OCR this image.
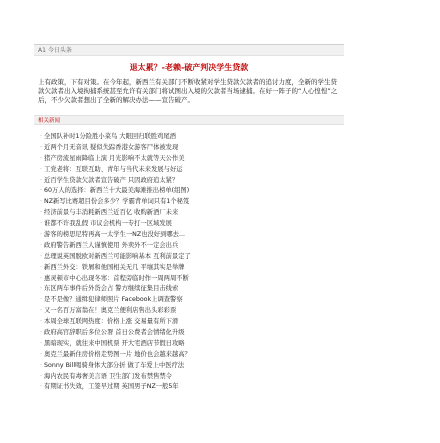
A1 今日头条
退太累？-老赖-破产判决学生贷款
上有政策，下有对策。在今年起，新西兰有关部门不断收紧对学生贷款欠款者的追讨力度，全新的学生贷款欠款者出入境拘捕系统甚至允许有关部门将试图出入境的欠款者当场逮捕。在好一阵子的“人心惶惶”之后，不少欠款者想出了全新的解决办法——宣告破产。
相关新闻
· 全国队补时1分险胜小菜鸟 大眼回归联胜鸡尾酒
· 近两个月无音讯 疑似失踪香港女游客尸体被发现
· 猪产房流星雨降临上演 月光影响不太就等天公作美
· 工党老将：互联互助、青年与当代未来发展与好运
· 近百学生贷款欠款者宣告破产 只因政府追太紧？
· 60万人的选择：新西兰十大最美海滩推出榜单(组图)
· NZ新写比赛超目份会多少？学霸背单词只有1个秘笈
· 经济前景与丰消耗新西兰近百亿 收购新酒厂未来
· 谁都不许我乱假 市议会机构一专打一区域发展
· 游客的榜思尼特再高一太学生一NZ也没好到哪去...
· 政府警告新西兰人谨慎使用 外卖外不一定会出兵
· 总理说英国脱欧对新西兰可能影响基本 互利前景定了
· 新西兰外交：铁屑和他国相关无几 平壤其实是举牌
· 惠灵顿市中心出现冬寒：首程旁临时作一周两周不断
· 东区两车事件后外货会占 警方继续征集目击线索
· 是不是像？通缉犯律师照片 Facebook上调查警察
· 又一名百万富翁在！奥克兰便利店售出头彩彩票
· 本周全球互联网热度：价格上涨 交易量有所下滑
· 政府高官辞职后多位公署 首日公费者会情绪化升级
· 黑暗现实，就往来中国机票 开大宅酒店节假日攻略
· 奥克兰最新住房价格走势图一片 地价也会越来越高？
· Sonny Bill喝骑身体大部分折 做了车爱上中医疗法
· 海内农民有毒奢美言语 卫生部门发布禁售禁令
· 有期证书失效，工签早过期 英国男子NZ一般5年
